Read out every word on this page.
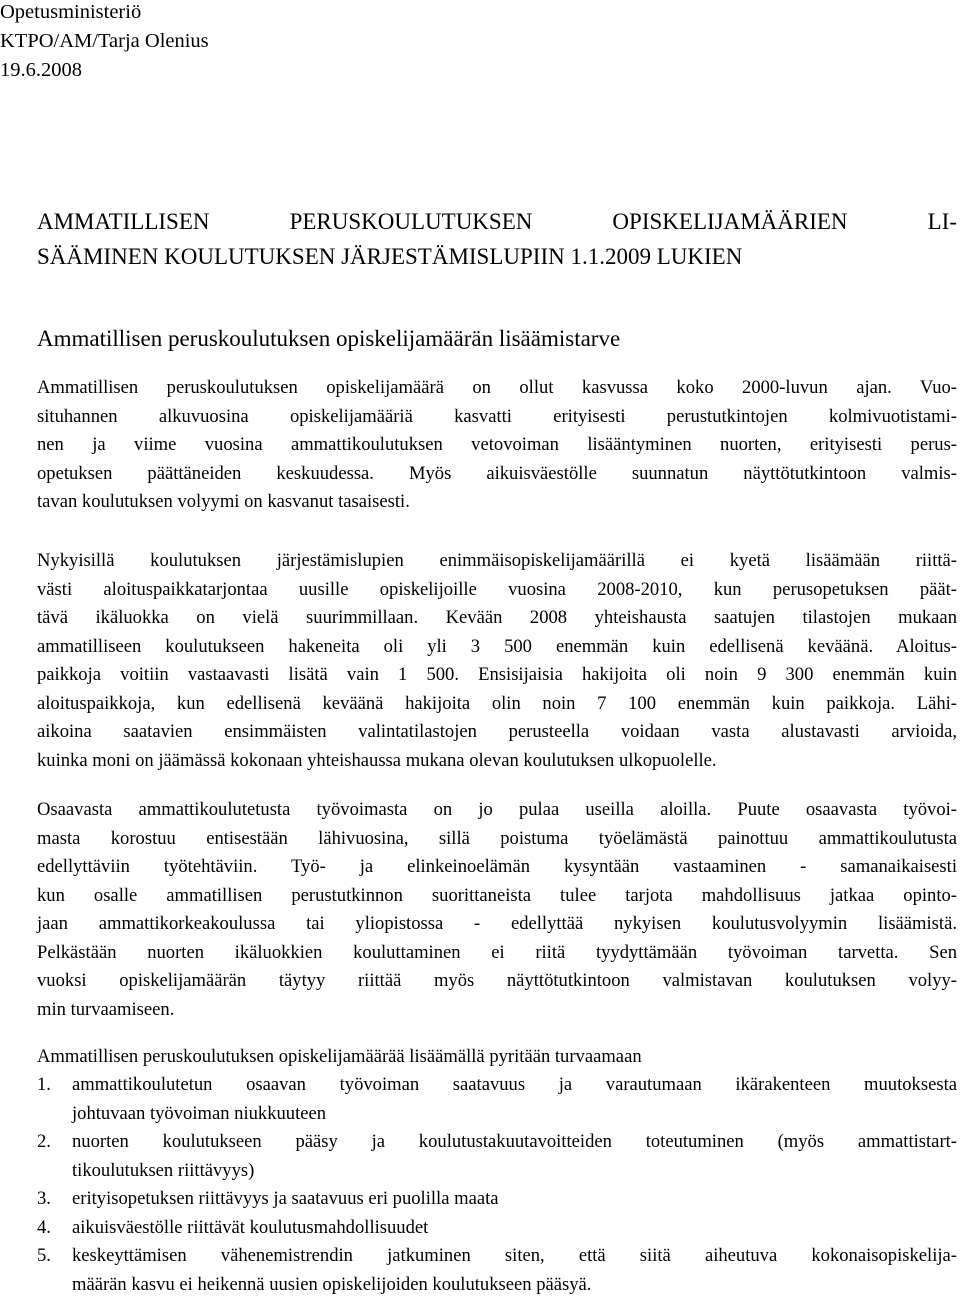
Opetusministeriö
KTPO/AM/Tarja Olenius
19.6.2008
AMMATILLISEN PERUSKOULUTUKSEN OPISKELIJAMÄÄRIEN LI-
SÄÄMINEN KOULUTUKSEN JÄRJESTÄMISLUPIIN 1.1.2009 LUKIEN
Ammatillisen peruskoulutuksen opiskelijamäärän lisäämistarve
Ammatillisen peruskoulutuksen opiskelijamäärä on ollut kasvussa koko 2000-luvun ajan. Vuo-
situhannen alkuvuosina opiskelijamääriä kasvatti erityisesti perustutkintojen kolmivuotistami-
nen ja viime vuosina ammattikoulutuksen vetovoiman lisääntyminen nuorten, erityisesti perus-
opetuksen päättäneiden keskuudessa. Myös aikuisväestölle suunnatun näyttötutkintoon valmis-
tavan koulutuksen volyymi on kasvanut tasaisesti.
Nykyisillä koulutuksen järjestämislupien enimmäisopiskelijamäärillä ei kyetä lisäämään riittä-
västi aloituspaikkatarjontaa uusille opiskelijoille vuosina 2008-2010, kun perusopetuksen päät-
tävä ikäluokka on vielä suurimmillaan. Kevään 2008 yhteishausta saatujen tilastojen mukaan
ammatilliseen koulutukseen hakeneita oli yli 3 500 enemmän kuin edellisenä keväänä. Aloitus-
paikkoja voitiin vastaavasti lisätä vain 1 500. Ensisijaisia hakijoita oli noin 9 300 enemmän kuin
aloituspaikkoja, kun edellisenä keväänä hakijoita olin noin 7 100 enemmän kuin paikkoja. Lähi-
aikoina saatavien ensimmäisten valintatilastojen perusteella voidaan vasta alustavasti arvioida,
kuinka moni on jäämässä kokonaan yhteishaussa mukana olevan koulutuksen ulkopuolelle.
Osaavasta ammattikoulutetusta työvoimasta on jo pulaa useilla aloilla. Puute osaavasta työvoi-
masta korostuu entisestään lähivuosina, sillä poistuma työelämästä painottuu ammattikoulutusta
edellyttäviin työtehtäviin. Työ- ja elinkeinoelämän kysyntään vastaaminen - samanaikaisesti
kun osalle ammatillisen perustutkinnon suorittaneista tulee tarjota mahdollisuus jatkaa opinto-
jaan ammattikorkeakoulussa tai yliopistossa - edellyttää nykyisen koulutusvolyymin lisäämistä.
Pelkästään nuorten ikäluokkien kouluttaminen ei riitä tyydyttämään työvoiman tarvetta. Sen
vuoksi opiskelijamäärän täytyy riittää myös näyttötutkintoon valmistavan koulutuksen volyy-
min turvaamiseen.
Ammatillisen peruskoulutuksen opiskelijamäärää lisäämällä pyritään turvaamaan
1. ammattikoulutetun osaavan työvoiman saatavuus ja varautumaan ikärakenteen muutoksesta
johtuvaan työvoiman niukkuuteen
2. nuorten koulutukseen pääsy ja koulutustakuutavoitteiden toteutuminen (myös ammattistart-
tikoulutuksen riittävyys)
3. erityisopetuksen riittävyys ja saatavuus eri puolilla maata
4. aikuisväestölle riittävät koulutusmahdollisuudet
5. keskeyttämisen vähenemistrendin jatkuminen siten, että siitä aiheutuva kokonaisopiskelija-
määrän kasvu ei heikennä uusien opiskelijoiden koulutukseen pääsyä.
